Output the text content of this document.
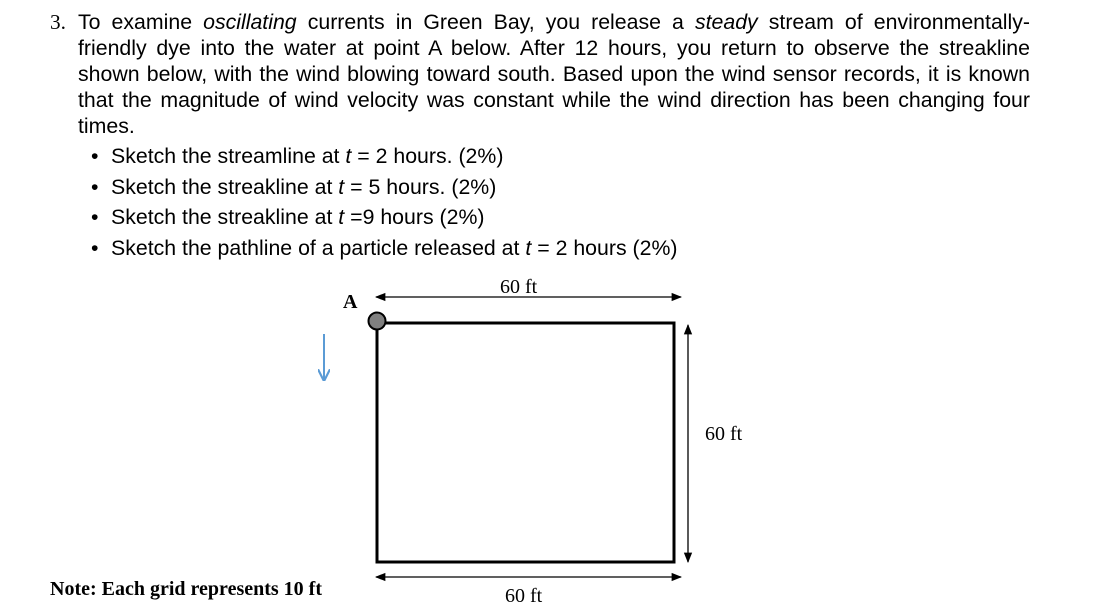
3. To examine oscillating currents in Green Bay, you release a steady stream of environmentally-friendly dye into the water at point A below. After 12 hours, you return to observe the streakline shown below, with the wind blowing toward south. Based upon the wind sensor records, it is known that the magnitude of wind velocity was constant while the wind direction has been changing four times.
• Sketch the streamline at t = 2 hours. (2%)
• Sketch the streakline at t = 5 hours. (2%)
• Sketch the streakline at t =9 hours (2%)
• Sketch the pathline of a particle released at t = 2 hours (2%)
A
60 ft
60 ft
60 ft
Note: Each grid represents 10 ft
